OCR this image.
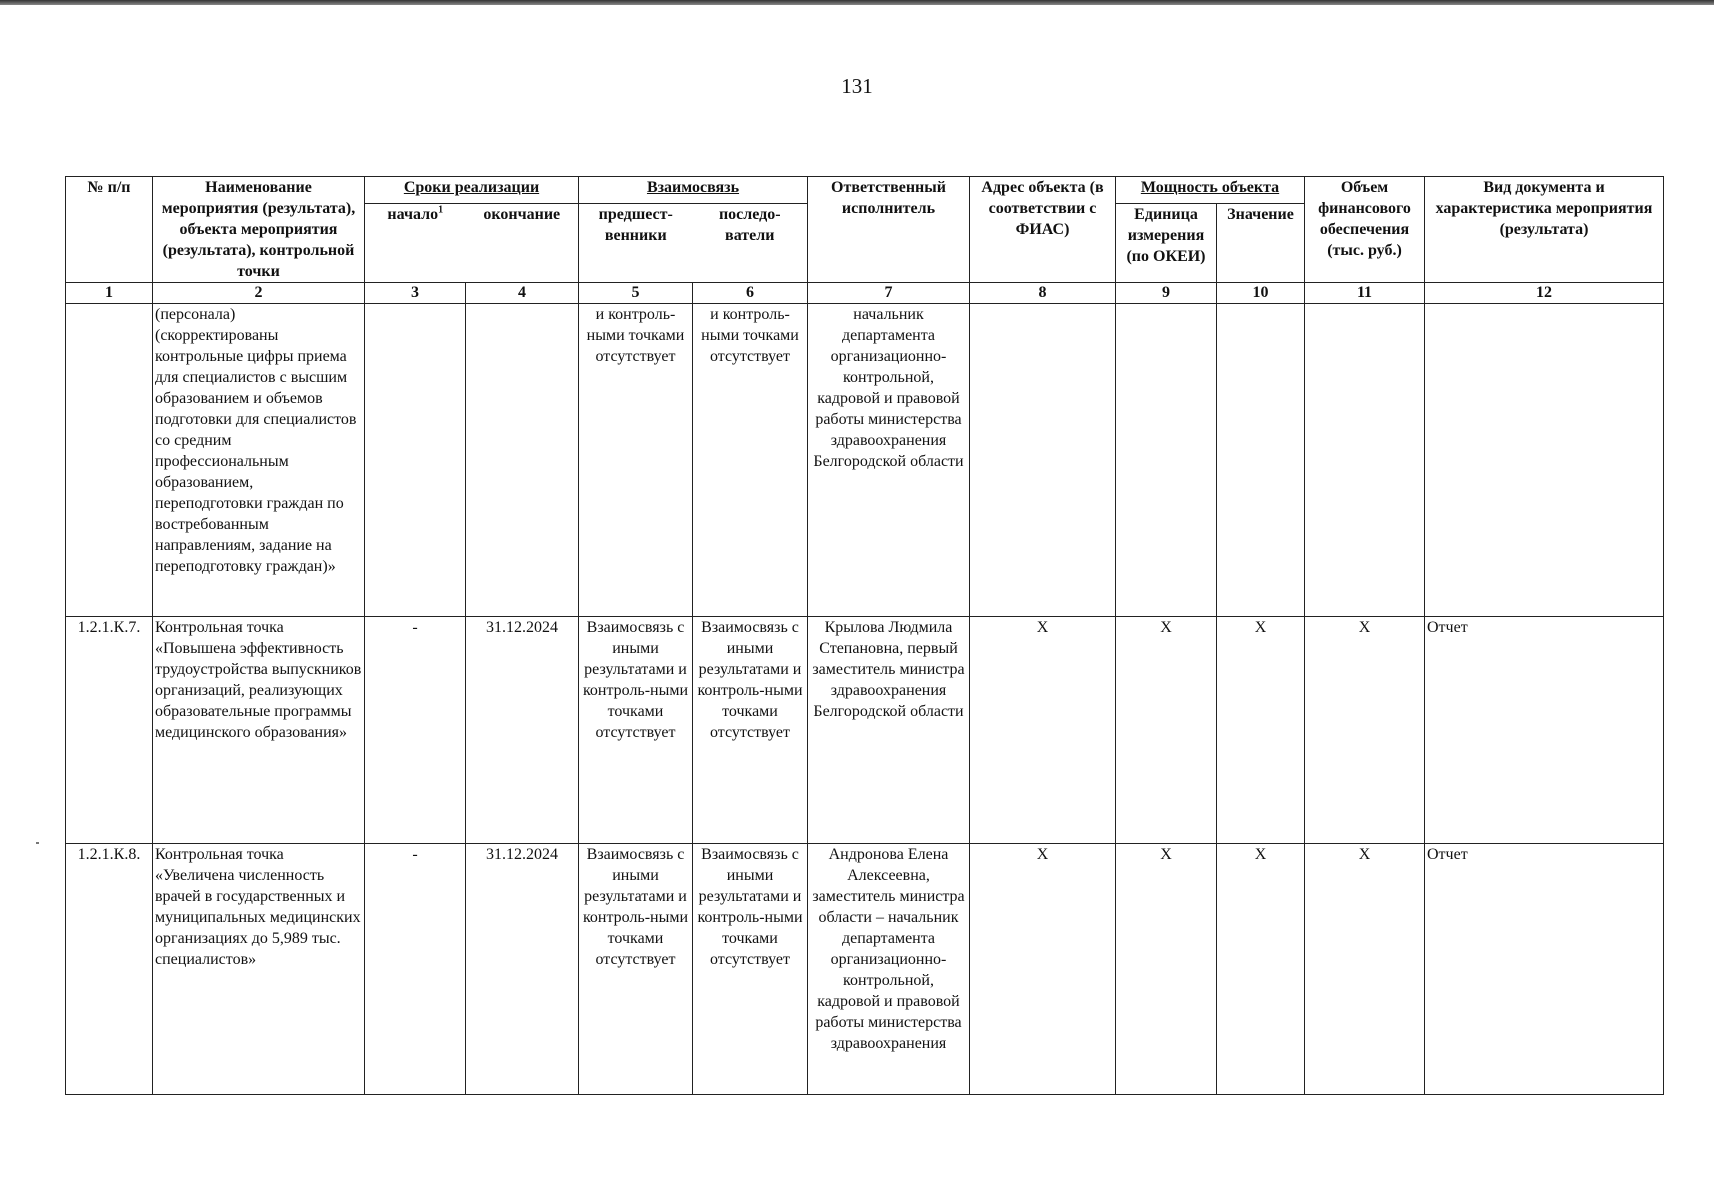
131
№ п/п	Наименование мероприятия (результата), объекта мероприятия (результата), контрольной точки	Сроки реализации		Взаимосвязь		Ответственный исполнитель	Адрес объекта (в соответствии с ФИАС)	Мощность объекта		Объем финансового обеспечения (тыс. руб.)	Вид документа и характеристика мероприятия (результата)
		начало$^1$	окончание	предшест-венники	последо-ватели			Единица измерения (по ОКЕИ)	Значение		
1	2	3	4	5	6	7	8	9	10	11	12
	(персонала) (скорректированы контрольные цифры приема для специалистов с высшим образованием и объемов подготовки для специалистов со средним профессиональным образованием, переподготовки граждан по востребованным направлениям, задание на переподготовку граждан)»			и контроль-ными точками отсутствует	и контроль-ными точками отсутствует	начальник департамента организационно-контрольной, кадровой и правовой работы министерства здравоохранения Белгородской области					
1.2.1.К.7.	Контрольная точка «Повышена эффективность трудоустройства выпускников организаций, реализующих образовательные программы медицинского образования»	-	31.12.2024	Взаимосвязь с иными результатами и контроль-ными точками отсутствует	Взаимосвязь с иными результатами и контроль-ными точками отсутствует	Крылова Людмила Степановна, первый заместитель министра здравоохранения Белгородской области	Х	Х	Х	Х	Отчет
1.2.1.К.8.	Контрольная точка «Увеличена численность врачей в государственных и муниципальных медицинских организациях до 5,989 тыс. специалистов»	-	31.12.2024	Взаимосвязь с иными результатами и контроль-ными точками отсутствует	Взаимосвязь с иными результатами и контроль-ными точками отсутствует	Андронова Елена Алексеевна, заместитель министра области – начальник департамента организационно-контрольной, кадровой и правовой работы министерства здравоохранения	Х	Х	Х	Х	Отчет
